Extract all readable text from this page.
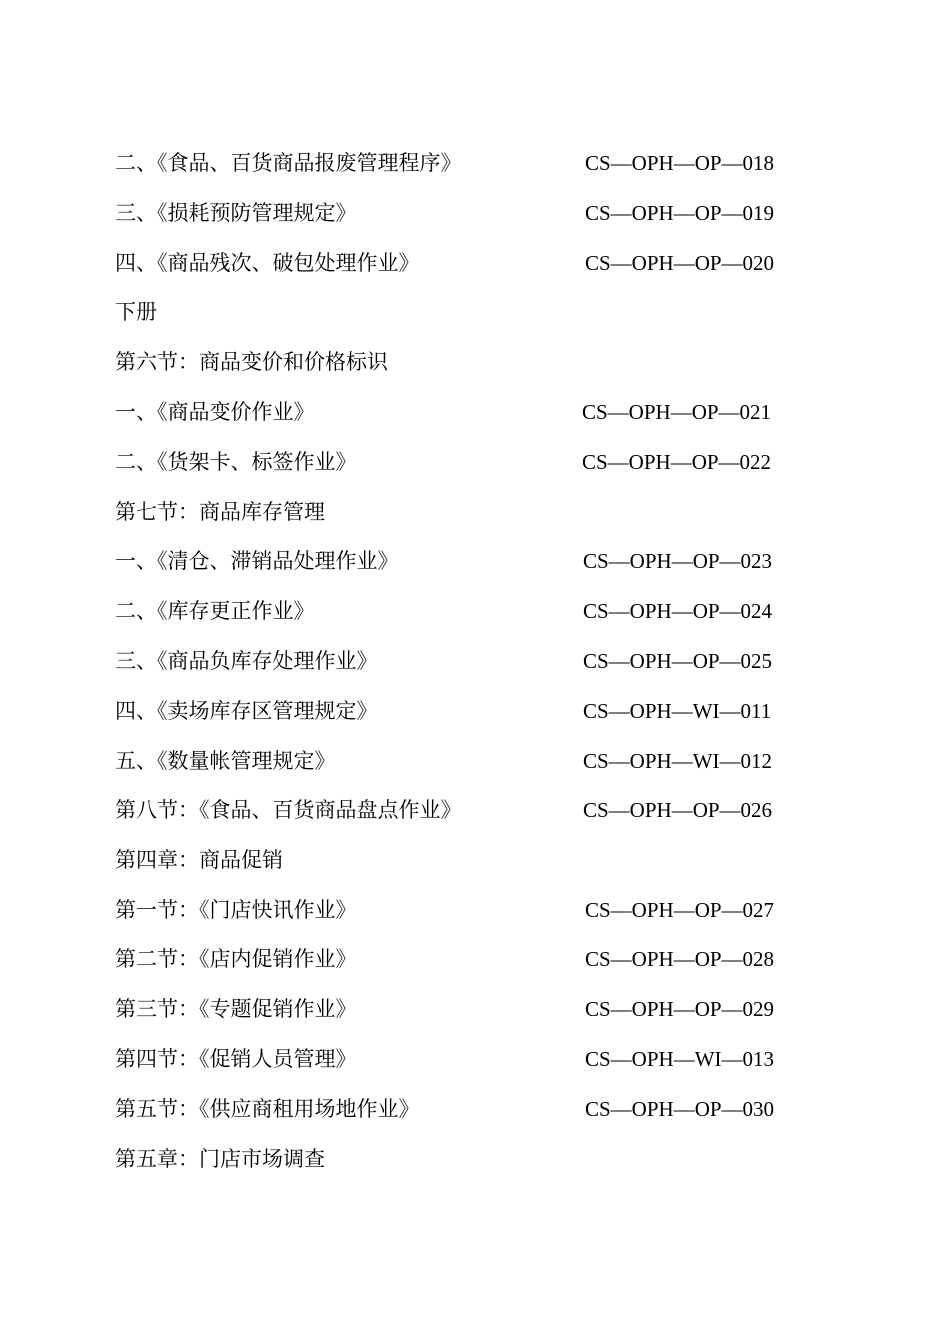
二、《食品、百货商品报废管理程序》	CS—OPH—OP—018
三、《损耗预防管理规定》	CS—OPH—OP—019
四、《商品残次、破包处理作业》	CS—OPH—OP—020
下册
第六节：商品变价和价格标识
一、《商品变价作业》	CS—OPH—OP—021
二、《货架卡、标签作业》	CS—OPH—OP—022
第七节：商品库存管理
一、《清仓、滞销品处理作业》	CS—OPH—OP—023
二、《库存更正作业》	CS—OPH—OP—024
三、《商品负库存处理作业》	CS—OPH—OP—025
四、《卖场库存区管理规定》	CS—OPH—WI—011
五、《数量帐管理规定》	CS—OPH—WI—012
第八节：《食品、百货商品盘点作业》	CS—OPH—OP—026
第四章：商品促销
第一节：《门店快讯作业》	CS—OPH—OP—027
第二节：《店内促销作业》	CS—OPH—OP—028
第三节：《专题促销作业》	CS—OPH—OP—029
第四节：《促销人员管理》	CS—OPH—WI—013
第五节：《供应商租用场地作业》	CS—OPH—OP—030
第五章：门店市场调查
